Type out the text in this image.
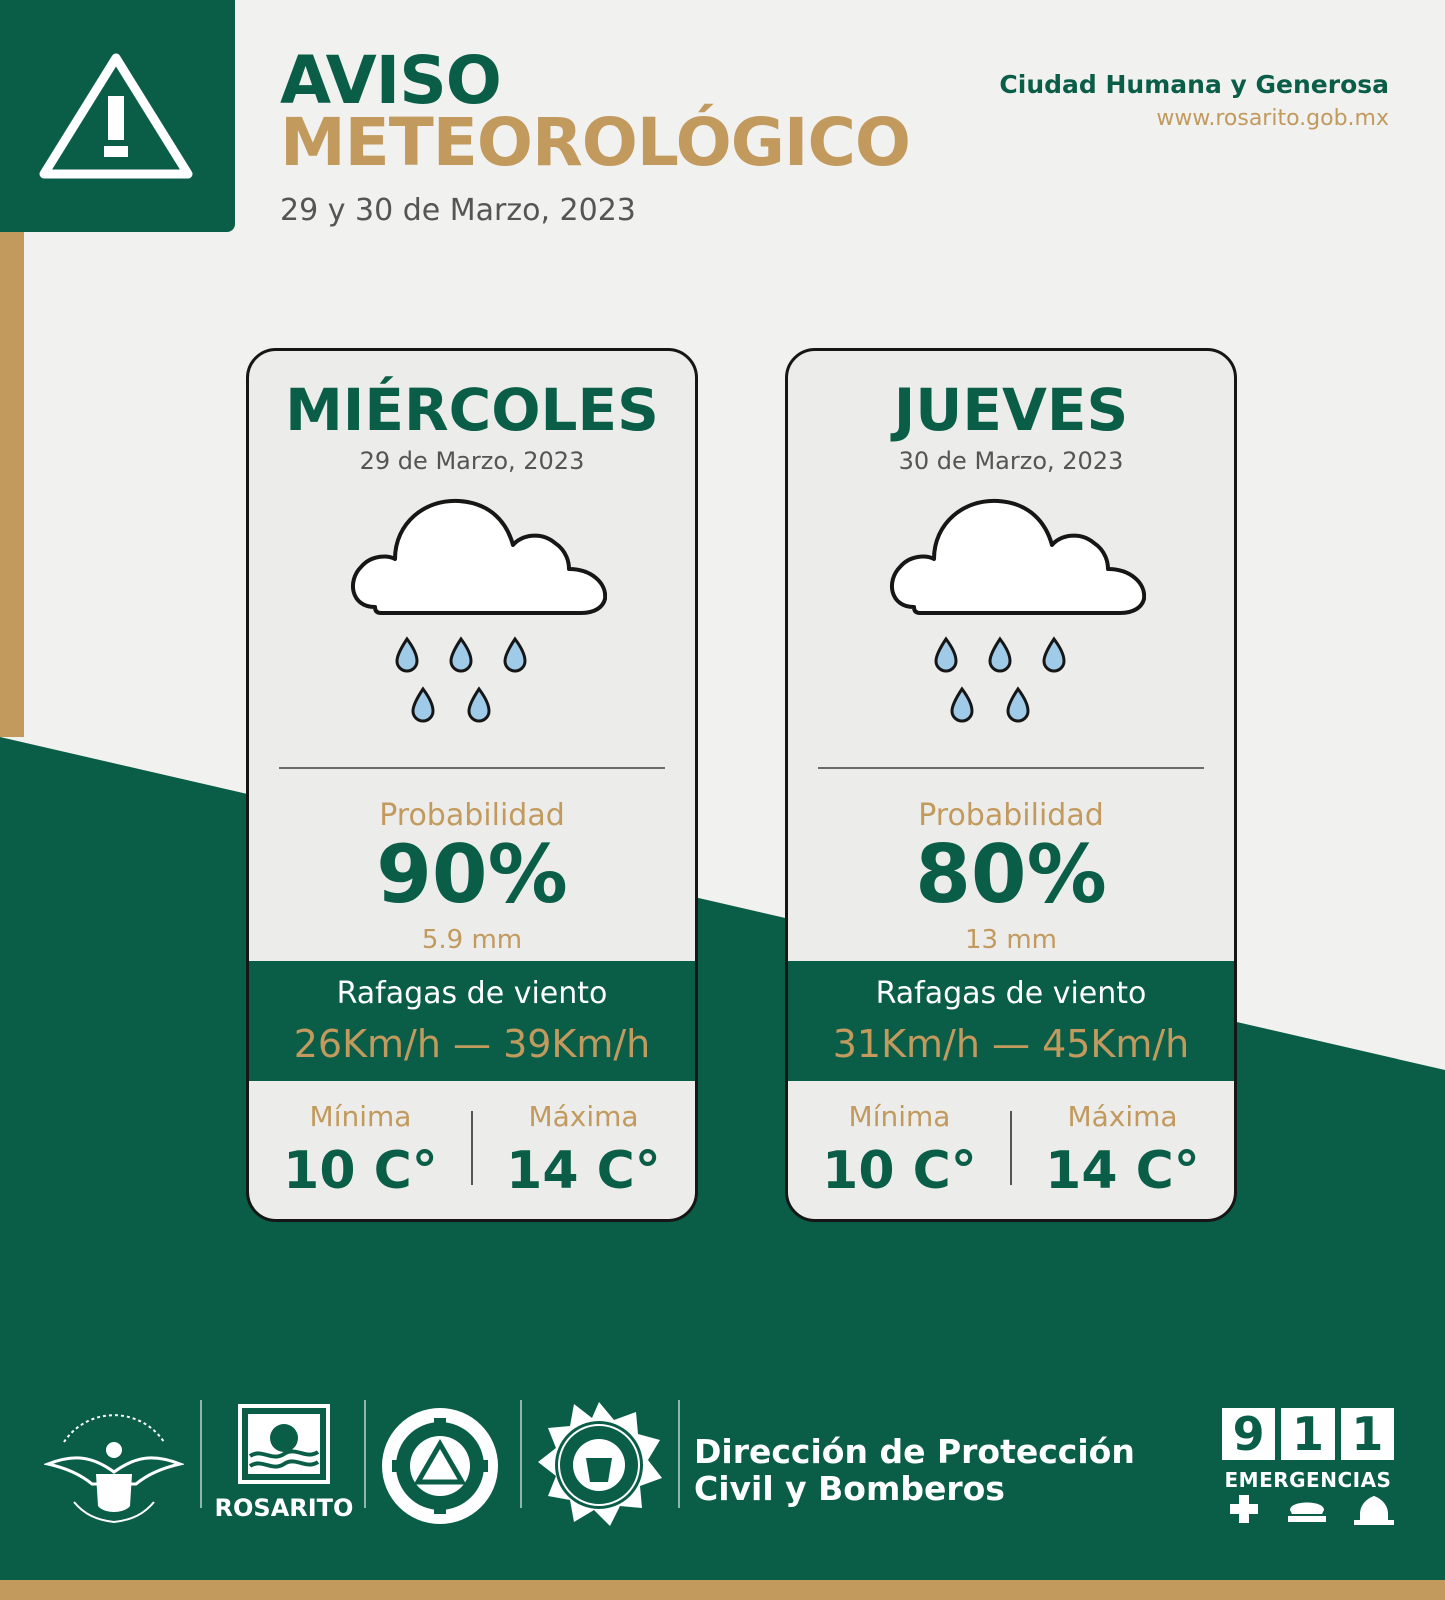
AVISO
METEOROLÓGICO
29 y 30 de Marzo, 2023
Ciudad Humana y Generosa
www.rosarito.gob.mx
MIÉRCOLES
29 de Marzo, 2023
Probabilidad
90%
5.9 mm
Rafagas de viento
26Km/h — 39Km/h
Mínima
10 C°
Máxima
14 C°
JUEVES
30 de Marzo, 2023
Probabilidad
80%
13 mm
Rafagas de viento
31Km/h — 45Km/h
Mínima
10 C°
Máxima
14 C°
ROSARITO
Dirección de Protección
Civil y Bomberos
9 1 1
EMERGENCIAS
